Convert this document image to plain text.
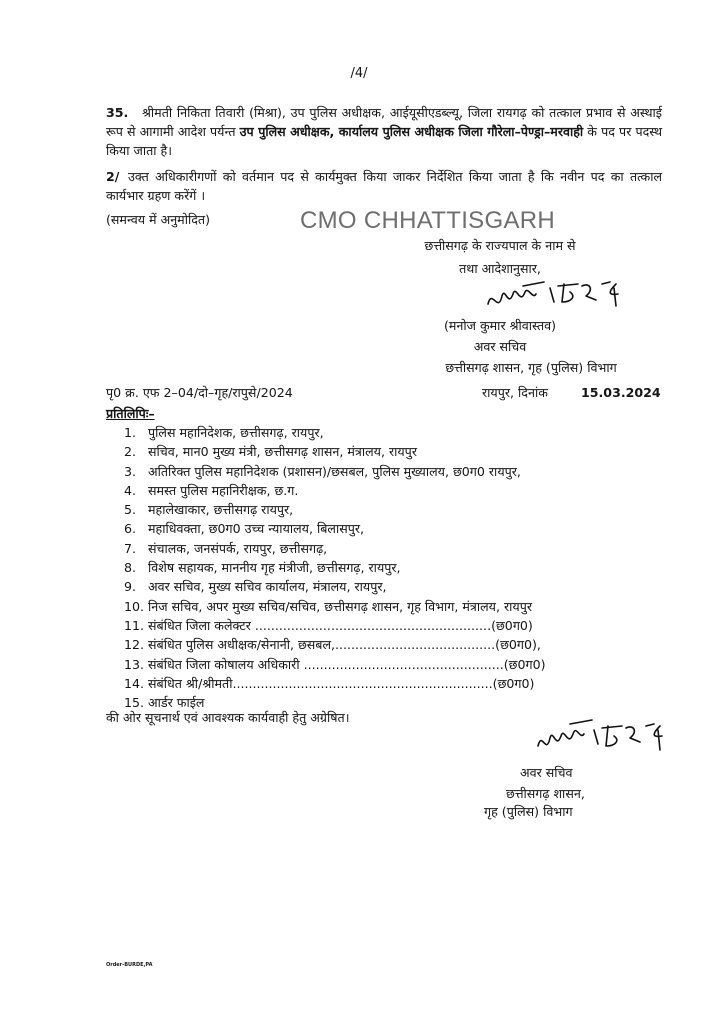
/4/
35. श्रीमती निकिता तिवारी (मिश्रा), उप पुलिस अधीक्षक, आईयूसीएडब्ल्यू, जिला रायगढ़ को तत्काल प्रभाव से अस्थाई रूप से आगामी आदेश पर्यन्त उप पुलिस अधीक्षक, कार्यालय पुलिस अधीक्षक जिला गौरेला–पेण्ड्रा–मरवाही के पद पर पदस्थ किया जाता है।
2/ उक्त अधिकारीगणों को वर्तमान पद से कार्यमुक्त किया जाकर निर्देशित किया जाता है कि नवीन पद का तत्काल कार्यभार ग्रहण करेंगें ।
(समन्वय में अनुमोदित)	CMO CHHATTISGARH
छत्तीसगढ़ के राज्यपाल के नाम से
तथा आदेशानुसार,
(मनोज कुमार श्रीवास्तव)
अवर सचिव
छत्तीसगढ़ शासन, गृह (पुलिस) विभाग
पृ0 क्र. एफ 2–04/दो–गृह/रापुसे/2024	रायपुर, दिनांक	15.03.2024
प्रतिलिपिः–
1. पुलिस महानिदेशक, छत्तीसगढ़, रायपुर,
2. सचिव, मान0 मुख्य मंत्री, छत्तीसगढ़ शासन, मंत्रालय, रायपुर
3. अतिरिक्त पुलिस महानिदेशक (प्रशासन)/छसबल, पुलिस मुख्यालय, छ0ग0 रायपुर,
4. समस्त पुलिस महानिरीक्षक, छ.ग.
5. महालेखाकार, छत्तीसगढ़ रायपुर,
6. महाधिवक्ता, छ0ग0 उच्च न्यायालय, बिलासपुर,
7. संचालक, जनसंपर्क, रायपुर, छत्तीसगढ़,
8. विशेष सहायक, माननीय गृह मंत्रीजी, छत्तीसगढ़, रायपुर,
9. अवर सचिव, मुख्य सचिव कार्यालय, मंत्रालय, रायपुर,
10. निज सचिव, अपर मुख्य सचिव/सचिव, छत्तीसगढ़ शासन, गृह विभाग, मंत्रालय, रायपुर
11. संबंधित जिला कलेक्टर ...........................................................(छ0ग0)
12. संबंधित पुलिस अधीक्षक/सेनानी, छसबल,........................................(छ0ग0),
13. संबंधित जिला कोषालय अधिकारी ..................................................(छ0ग0)
14. संबंधित श्री/श्रीमती.................................................................(छ0ग0)
15. आर्डर फाईल
की ओर सूचनार्थ एवं आवश्यक कार्यवाही हेतु अग्रेषित।
अवर सचिव
छत्तीसगढ़ शासन,
गृह (पुलिस) विभाग
Order-BURDE,PA
